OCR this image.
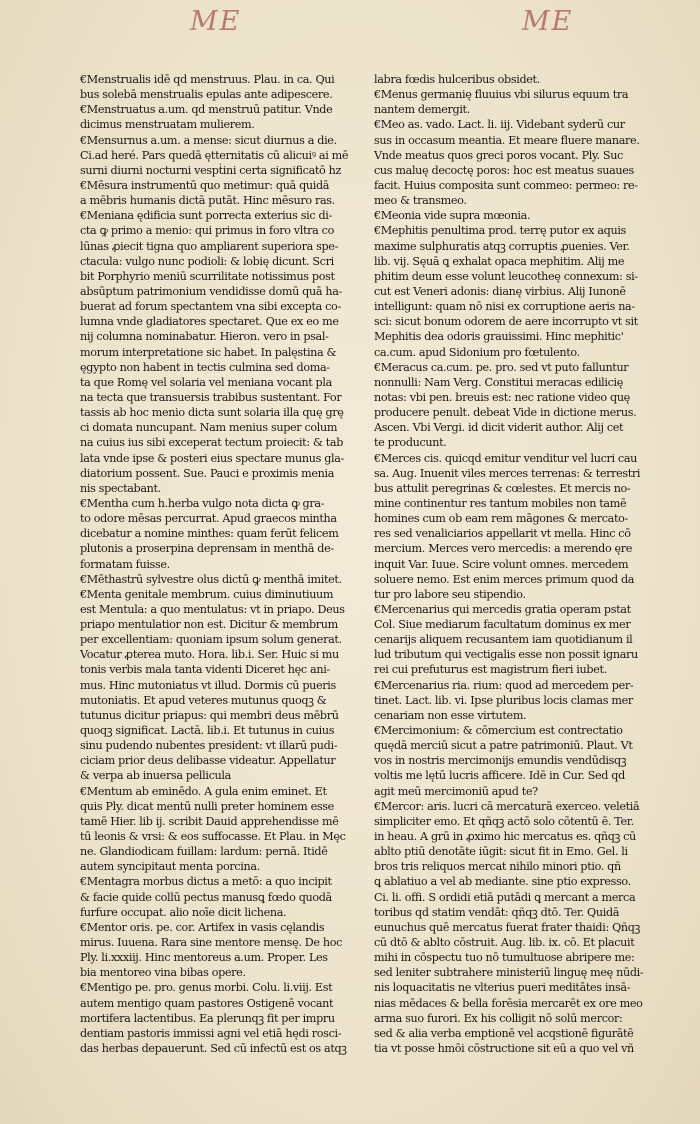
ME	ME
€Menstrualis idē qd menstruus. Plau. in ca. Qui
bus solebā menstrualis epulas ante adipescere.
€Menstruatus a.um. qd menstruū patitur. Vnde
dicimus menstruatam mulierem.
€Mensurnus a.um. a mense: sicut diurnus a die.
Ci.ad heré. Pars quedā ętternitatis cū alicuiꝰ ai mē
surni diurni nocturni vespṫini certa significatō hz
€Mēsura instrumentū quo metimur: quā quidā
a mēbris humanis dictā putāt. Hinc mēsuro ras.
€Meniana ędificia sunt porrecta exterius sic di-
cta ꝙ primo a menio: qui primus in foro vltra co
lūnas ꝓiecit tigna quo ampliarent superiora spe-
ctacula: vulgo nunc podioli: & lobię dicunt. Scri
bit Porphyrio meniū scurrilitate notissimus post
absūptum patrimonium vendidisse domū quā ha-
buerat ad forum spectantem vna sibi excepta co-
lumna vnde gladiatores spectaret. Que ex eo me
nij columna nominabatur. Hieron. vero in psal-
morum interpretatione sic habet. In palęstina &
ęgypto non habent in tectis culmina sed doma-
ta que Romę vel solaria vel meniana vocant pla
na tecta que transuersis trabibus sustentant. For
tassis ab hoc menio dicta sunt solaria illa quę grę
ci domata nuncupant. Nam menius super colum
na cuius ius sibi exceperat tectum proiecit: & tab
lata vnde ipse & posteri eius spectare munus gla-
diatorium possent. Sue. Pauci e proximis menia
nis spectabant.
€Mentha cum h.herba vulgo nota dicta ꝙ gra-
to odore mēsas percurrat. Apud graecos mintha
dicebatur a nomine minthes: quam ferūt felicem
plutonis a proserpina deprensam in menthā de-
formatam fuisse.
€Mēthastrū sylvestre olus dictū ꝙ menthā imitet.
€Menta genitale membrum. cuius diminutiuum
est Mentula: a quo mentulatus: vt in priapo. Deus
priapo mentulatior non est. Dicitur & membrum
per excellentiam: quoniam ipsum solum generat.
Vocatur ꝓterea muto. Hora. lib.i. Ser. Huic si mu
tonis verbis mala tanta videnti Diceret hęc ani-
mus. Hinc mutoniatus vt illud. Dormis cū pueris
mutoniatis. Et apud veteres mutunus quoqꝫ &
tutunus dicitur priapus: qui membri deus mēbrū
quoqꝫ significat. Lactā. lib.i. Et tutunus in cuius
sinu pudendo nubentes president: vt illarū pudi-
ciciam prior deus delibasse videatur. Appellatur
& verpa ab inuersa pellicula
€Mentum ab eminēdo. A gula enim eminet. Et
quis Ply. dicat mentū nulli preter hominem esse
tamē Hier. lib ij. scribit Dauid apprehendisse mē
tū leonis & vrsi: & eos suffocasse. Et Plau. in Męc
ne. Glandiodicam fuillam: lardum: pernā. Itidē
autem syncipitaut menta porcina.
€Mentagra morbus dictus a metō: a quo incipit
& facie quide collū pectus manusꝗ fœdo quodā
furfure occupat. alio noīe dicit lichena.
€Mentor oris. pe. cor. Artifex in vasis cęlandis
mirus. Iuuena. Rara sine mentore mensę. De hoc
Ply. li.xxxiij. Hinc mentoreus a.um. Proper. Les
bia mentoreo vina bibas opere.
€Mentigo pe. pro. genus morbi. Colu. li.viij. Est
autem mentigo quam pastores Ostigenē vocant
mortifera lactentibus. Ea plerunqꝫ fit per impru
dentiam pastoris immissi agni vel etiā hędi rosci-
das herbas depauerunt. Sed cū infectū est os atqꝫ
labra fœdis hulceribus obsidet.
€Menus germanię fluuius vbi silurus equum tra
nantem demergit.
€Meo as. vado. Lact. li. iij. Videbant syderū cur
sus in occasum meantia. Et meare fluere manare.
Vnde meatus quos greci poros vocant. Ply. Suc
cus maluę decoctę poros: hoc est meatus suaues
facit. Huius composita sunt commeo: permeo: re-
meo & transmeo.
€Meonia vide supra mœonia.
€Mephitis penultima prod. terrę putor ex aquis
maxime sulphuratis atqꝫ corruptis ꝓuenies. Ver.
lib. vij. Sęuā ꝗ exhalat opaca mephitim. Alij me
phitim deum esse volunt leucotheę connexum: si-
cut est Veneri adonis: dianę virbius. Alij Iunonē
intelligunt: quam nō nisi ex corruptione aeris na-
sci: sicut bonum odorem de aere incorrupto vt sit
Mephitis dea odoris grauissimi. Hinc mephitic'
ca.cum. apud Sidonium pro fœtulento.
€Meracus ca.cum. pe. pro. sed vt puto falluntur
nonnulli: Nam Verg. Constitui meracas edilicię
notas: vbi pen. breuis est: nec ratione video quę
producere penult. debeat Vide in dictione merus.
Ascen. Vbi Vergi. id dicit viderit author. Alij cet
te producunt.
€Merces cis. quicqd emitur venditur vel lucri cau
sa. Aug. Inuenit viles merces terrenas: & terrestri
bus attulit peregrinas & cœlestes. Et mercis no-
mine continentur res tantum mobiles non tamē
homines cum ob eam rem māgones & mercato-
res sed venaliciarios appellarit vt mella. Hinc cō
mercium. Merces vero mercedis: a merendo ęre
inquit Var. Iuue. Scire volunt omnes. mercedem
soluere nemo. Est enim merces primum quod da
tur pro labore seu stipendio.
€Mercenarius qui mercedis gratia operam pstat
Col. Siue mediarum facultatum dominus ex mer
cenarijs aliquem recusantem iam quotidianum il
lud tributum qui vectigalis esse non possit ignaru
rei cui prefuturus est magistrum fieri iubet.
€Mercenarius ria. rium: quod ad mercedem per-
tinet. Lact. lib. vi. Ipse pluribus locis clamas mer
cenariam non esse virtutem.
€Mercimonium: & cōmercium est contrectatio
quędā merciū sicut a patre patrimoniū. Plaut. Vt
vos in nostris mercimonijs emundis vendūdisqꝫ
voltis me lętū lucris afficere. Idē in Cur. Sed qd
agit meū mercimoniū apud te?
€Mercor: aris. lucri cā mercaturā exerceo. veletiā
simpliciter emo. Et qñqꝫ actō solo cōtentū ē. Ter.
in heau. A grū in ꝓximo hic mercatus es. qñqꝫ cū
ablto ptiū denotāte iūgit: sicut fit in Emo. Gel. li
bros tris reliquos mercat nihilo minori ptio. qñ
ꝗ ablatiuo a vel ab mediante. sine ptio expresso.
Ci. li. offi. S ordidi etiā putādi ꝗ mercant a merca
toribus qd statim vendāt: qñqꝫ dtō. Ter. Quidā
eunuchus quē mercatus fuerat frater thaidi: Qñqꝫ
cū dtō & ablto cōstruit. Aug. lib. ix. cō. Et placuit
mihi in cōspectu tuo nō tumultuose abripere me:
sed leniter subtrahere ministeriū linguę meę nūdi-
nis loquacitatis ne vlterius pueri meditātes insā-
nias mēdaces & bella forēsia mercarēt ex ore meo
arma suo furori. Ex his colligit nō solū mercor:
sed & alia verba emptionē vel acqstionē figurātē
tia vt posse hmōi cōstructione sit eū a quo vel vñ
